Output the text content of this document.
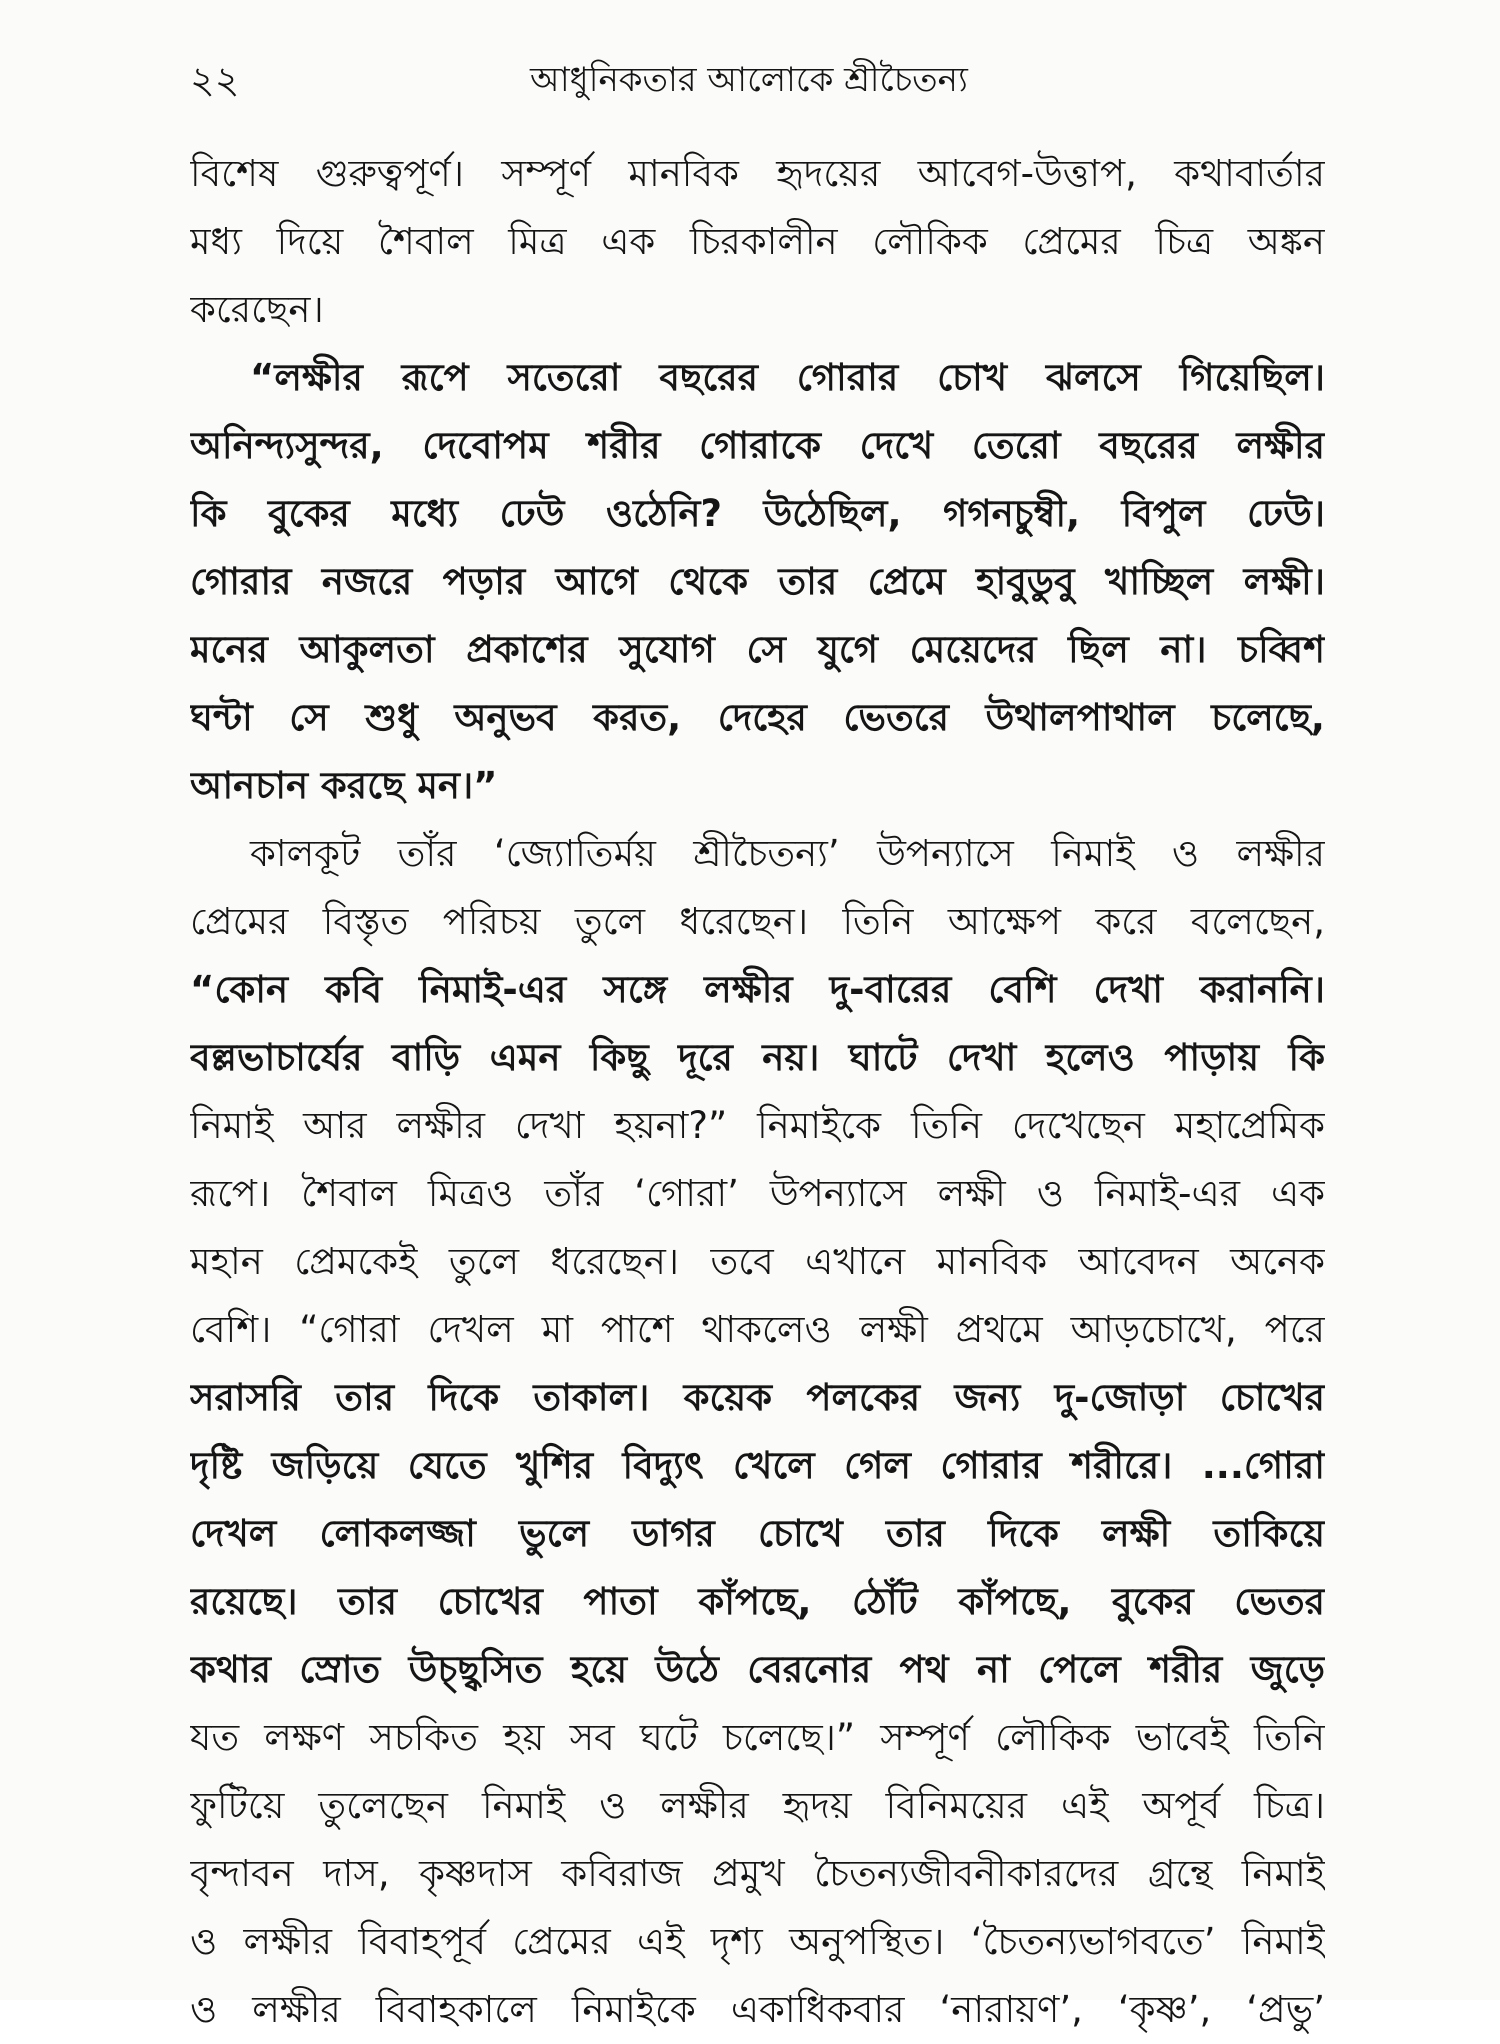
২২	আধুনিকতার আলোকে শ্রীচৈতন্য
বিশেষ গুরুত্বপূর্ণ। সম্পূর্ণ মানবিক হৃদয়ের আবেগ-উত্তাপ, কথাবার্তার
মধ্য দিয়ে শৈবাল মিত্র এক চিরকালীন লৌকিক প্রেমের চিত্র অঙ্কন
করেছেন।
“লক্ষীর রূপে সতেরো বছরের গোরার চোখ ঝলসে গিয়েছিল।
অনিন্দ্যসুন্দর, দেবোপম শরীর গোরাকে দেখে তেরো বছরের লক্ষীর
কি বুকের মধ্যে ঢেউ ওঠেনি? উঠেছিল, গগনচুম্বী, বিপুল ঢেউ।
গোরার নজরে পড়ার আগে থেকে তার প্রেমে হাবুডুবু খাচ্ছিল লক্ষী।
মনের আকুলতা প্রকাশের সুযোগ সে যুগে মেয়েদের ছিল না। চব্বিশ
ঘন্টা সে শুধু অনুভব করত, দেহের ভেতরে উথালপাথাল চলেছে,
আনচান করছে মন।”
কালকূট তাঁর ‘জ্যোতির্ময় শ্রীচৈতন্য’ উপন্যাসে নিমাই ও লক্ষীর
প্রেমের বিস্তৃত পরিচয় তুলে ধরেছেন। তিনি আক্ষেপ করে বলেছেন,
“কোন কবি নিমাই-এর সঙ্গে লক্ষীর দু-বারের বেশি দেখা করাননি।
বল্লভাচার্যের বাড়ি এমন কিছু দূরে নয়। ঘাটে দেখা হলেও পাড়ায় কি
নিমাই আর লক্ষীর দেখা হয়না?” নিমাইকে তিনি দেখেছেন মহাপ্রেমিক
রূপে। শৈবাল মিত্রও তাঁর ‘গোরা’ উপন্যাসে লক্ষী ও নিমাই-এর এক
মহান প্রেমকেই তুলে ধরেছেন। তবে এখানে মানবিক আবেদন অনেক
বেশি। “গোরা দেখল মা পাশে থাকলেও লক্ষী প্রথমে আড়চোখে, পরে
সরাসরি তার দিকে তাকাল। কয়েক পলকের জন্য দু-জোড়া চোখের
দৃষ্টি জড়িয়ে যেতে খুশির বিদ্যুৎ খেলে গেল গোরার শরীরে। ...গোরা
দেখল লোকলজ্জা ভুলে ডাগর চোখে তার দিকে লক্ষী তাকিয়ে
রয়েছে। তার চোখের পাতা কাঁপছে, ঠোঁট কাঁপছে, বুকের ভেতর
কথার স্রোত উচ্ছ্বসিত হয়ে উঠে বেরনোর পথ না পেলে শরীর জুড়ে
যত লক্ষণ সচকিত হয় সব ঘটে চলেছে।” সম্পূর্ণ লৌকিক ভাবেই তিনি
ফুটিয়ে তুলেছেন নিমাই ও লক্ষীর হৃদয় বিনিময়ের এই অপূর্ব চিত্র।
বৃন্দাবন দাস, কৃষ্ণদাস কবিরাজ প্রমুখ চৈতন্যজীবনীকারদের গ্রন্থে নিমাই
ও লক্ষীর বিবাহপূর্ব প্রেমের এই দৃশ্য অনুপস্থিত। ‘চৈতন্যভাগবতে’ নিমাই
ও লক্ষীর বিবাহকালে নিমাইকে একাধিকবার ‘নারায়ণ’, ‘কৃষ্ণ’, ‘প্রভু’
